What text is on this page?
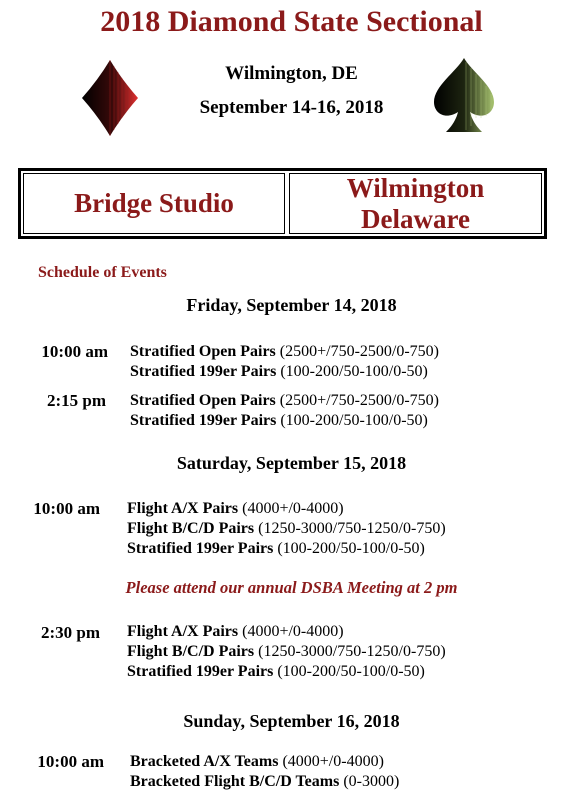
2018 Diamond State Sectional
Wilmington, DE
September 14-16, 2018
Bridge Studio
Wilmington Delaware
Schedule of Events
Friday, September 14, 2018
10:00 am Stratified Open Pairs (2500+/750-2500/0-750)
Stratified 199er Pairs (100-200/50-100/0-50)
2:15 pm Stratified Open Pairs (2500+/750-2500/0-750)
Stratified 199er Pairs (100-200/50-100/0-50)
Saturday, September 15, 2018
10:00 am Flight A/X Pairs (4000+/0-4000)
Flight B/C/D Pairs (1250-3000/750-1250/0-750)
Stratified 199er Pairs (100-200/50-100/0-50)
Please attend our annual DSBA Meeting at 2 pm
2:30 pm Flight A/X Pairs (4000+/0-4000)
Flight B/C/D Pairs (1250-3000/750-1250/0-750)
Stratified 199er Pairs (100-200/50-100/0-50)
Sunday, September 16, 2018
10:00 am Bracketed A/X Teams (4000+/0-4000)
Bracketed Flight B/C/D Teams (0-3000)
